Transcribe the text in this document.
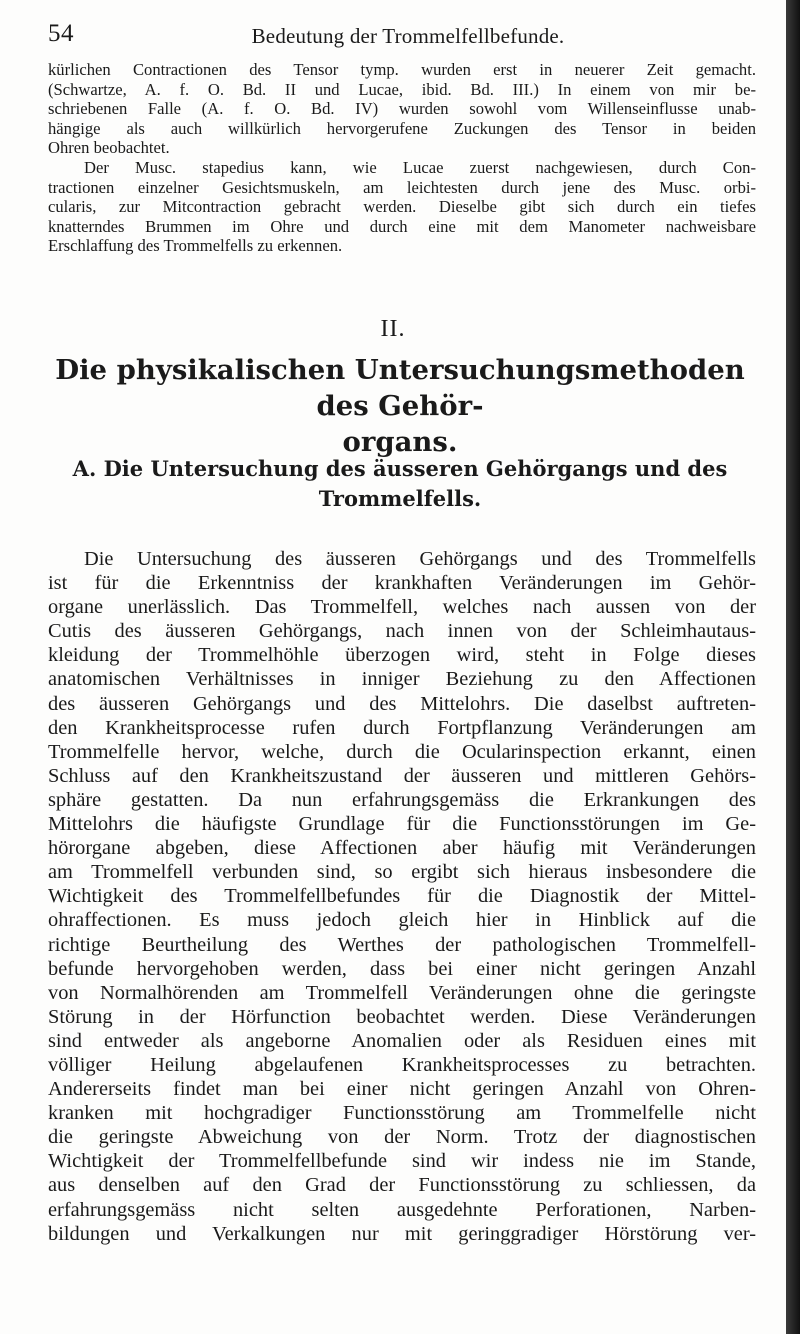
54	Bedeutung der Trommelfellbefunde.

kürlichen Contractionen des Tensor tymp. wurden erst in neuerer Zeit gemacht.
(Schwartze, A. f. O. Bd. II und Lucae, ibid. Bd. III.) In einem von mir be-
schriebenen Falle (A. f. O. Bd. IV) wurden sowohl vom Willenseinflusse unab-
hängige als auch willkürlich hervorgerufene Zuckungen des Tensor in beiden
Ohren beobachtet.

Der Musc. stapedius kann, wie Lucae zuerst nachgewiesen, durch Con-
tractionen einzelner Gesichtsmuskeln, am leichtesten durch jene des Musc. orbi-
cularis, zur Mitcontraction gebracht werden. Dieselbe gibt sich durch ein tiefes
knatterndes Brummen im Ohre und durch eine mit dem Manometer nachweisbare
Erschlaffung des Trommelfells zu erkennen.

II.
Die physikalischen Untersuchungsmethoden des Gehör-
organs.
A. Die Untersuchung des äusseren Gehörgangs und des
Trommelfells.
Die Untersuchung des äusseren Gehörgangs und des Trommelfells
ist für die Erkenntniss der krankhaften Veränderungen im Gehör-
organe unerlässlich. Das Trommelfell, welches nach aussen von der
Cutis des äusseren Gehörgangs, nach innen von der Schleimhautaus-
kleidung der Trommelhöhle überzogen wird, steht in Folge dieses
anatomischen Verhältnisses in inniger Beziehung zu den Affectionen
des äusseren Gehörgangs und des Mittelohrs. Die daselbst auftreten-
den Krankheitsprocesse rufen durch Fortpflanzung Veränderungen am
Trommelfelle hervor, welche, durch die Ocularinspection erkannt, einen
Schluss auf den Krankheitszustand der äusseren und mittleren Gehörs-
sphäre gestatten. Da nun erfahrungsgemäss die Erkrankungen des
Mittelohrs die häufigste Grundlage für die Functionsstörungen im Ge-
hörorgane abgeben, diese Affectionen aber häufig mit Veränderungen
am Trommelfell verbunden sind, so ergibt sich hieraus insbesondere die
Wichtigkeit des Trommelfellbefundes für die Diagnostik der Mittel-
ohraffectionen. Es muss jedoch gleich hier in Hinblick auf die
richtige Beurtheilung des Werthes der pathologischen Trommelfell-
befunde hervorgehoben werden, dass bei einer nicht geringen Anzahl
von Normalhörenden am Trommelfell Veränderungen ohne die geringste
Störung in der Hörfunction beobachtet werden. Diese Veränderungen
sind entweder als angeborne Anomalien oder als Residuen eines mit
völliger Heilung abgelaufenen Krankheitsprocesses zu betrachten.
Andererseits findet man bei einer nicht geringen Anzahl von Ohren-
kranken mit hochgradiger Functionsstörung am Trommelfelle nicht
die geringste Abweichung von der Norm. Trotz der diagnostischen
Wichtigkeit der Trommelfellbefunde sind wir indess nie im Stande,
aus denselben auf den Grad der Functionsstörung zu schliessen, da
erfahrungsgemäss nicht selten ausgedehnte Perforationen, Narben-
bildungen und Verkalkungen nur mit geringgradiger Hörstörung ver-
